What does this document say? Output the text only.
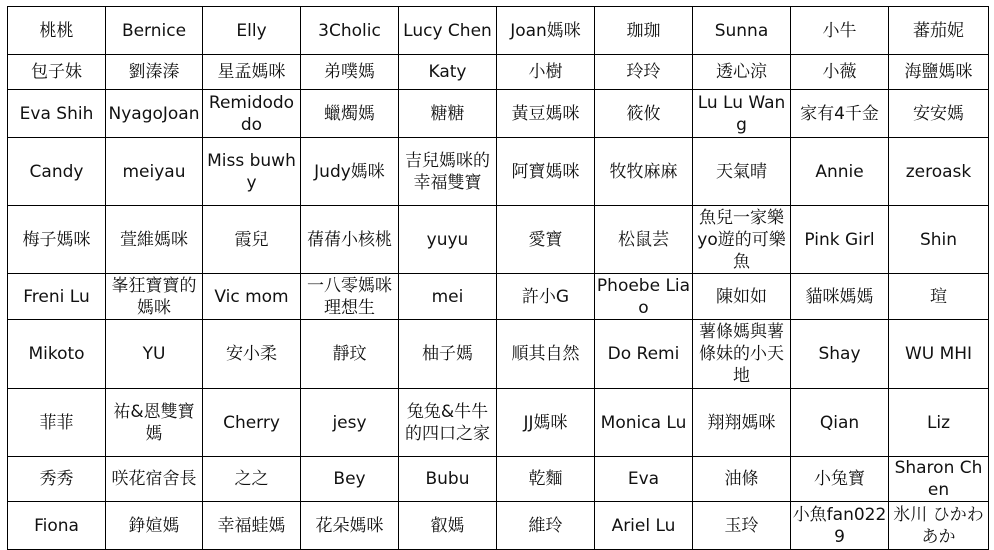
桃桃	Bernice	Elly	3Cholic	Lucy Chen	Joan媽咪	珈珈	Sunna	小牛	蕃茄妮
包子妹	劉溱溱	星孟媽咪	弟噗媽	Katy	小樹	玲玲	透心涼	小薇	海鹽媽咪
Eva Shih	NyagoJoan	Remidododo	蠟燭媽	糖糖	黃豆媽咪	筱攸	Lu Lu Wang	家有4千金	安安媽
Candy	meiyau	Miss buwhy	Judy媽咪	吉兒媽咪的幸福雙寶	阿寶媽咪	牧牧麻麻	天氣晴	Annie	zeroask
梅子媽咪	萱維媽咪	霞兒	蒨蒨小核桃	yuyu	愛寶	松鼠芸	魚兒一家樂yo遊的可樂魚	Pink Girl	Shin
Freni Lu	峯狂寶寶的媽咪	Vic mom	一八零媽咪理想生	mei	許小G	Phoebe Liao	陳如如	貓咪媽媽	瑄
Mikoto	YU	安小柔	靜玟	柚子媽	順其自然	Do Remi	薯條媽與薯條妹的小天地	Shay	WU MHI
菲菲	祐&恩雙寶媽	Cherry	jesy	兔兔&牛牛的四口之家	JJ媽咪	Monica Lu	翔翔媽咪	Qian	Liz
秀秀	咲花宿舍長	之之	Bey	Bubu	乾麵	Eva	油條	小兔寶	Sharon Chen
Fiona	錚媗媽	幸福蛙媽	花朵媽咪	叡媽	維玲	Ariel Lu	玉玲	小魚fan0229	氷川 ひかわ あか
